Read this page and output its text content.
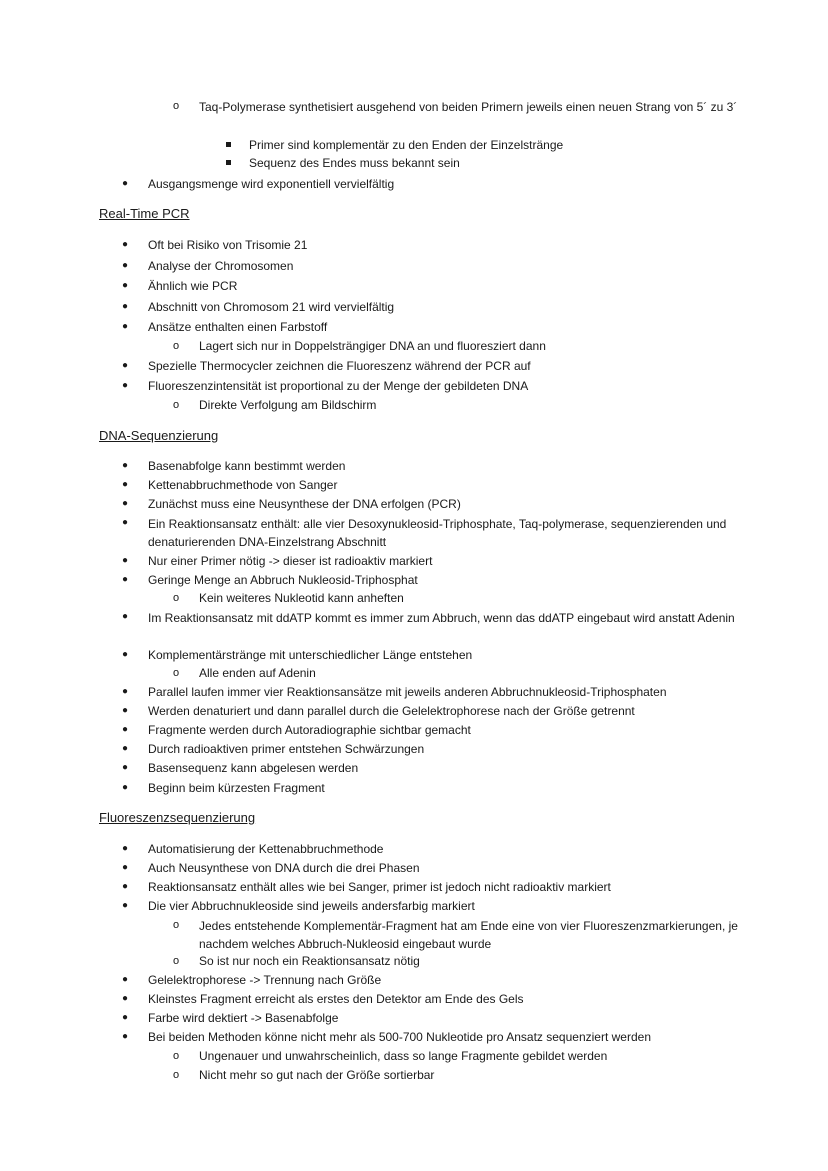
o Taq-Polymerase synthetisiert ausgehend von beiden Primern jeweils einen neuen Strang von 5´ zu 3´
Primer sind komplementär zu den Enden der Einzelstränge
Sequenz des Endes muss bekannt sein
● Ausgangsmenge wird exponentiell vervielfältig
Real-Time PCR
● Oft bei Risiko von Trisomie 21
● Analyse der Chromosomen
● Ähnlich wie PCR
● Abschnitt von Chromosom 21 wird vervielfältig
● Ansätze enthalten einen Farbstoff
o Lagert sich nur in Doppelsträngiger DNA an und fluoresziert dann
● Spezielle Thermocycler zeichnen die Fluoreszenz während der PCR auf
● Fluoreszenzintensität ist proportional zu der Menge der gebildeten DNA
o Direkte Verfolgung am Bildschirm
DNA-Sequenzierung
● Basenabfolge kann bestimmt werden
● Kettenabbruchmethode von Sanger
● Zunächst muss eine Neusynthese der DNA erfolgen (PCR)
● Ein Reaktionsansatz enthält: alle vier Desoxynukleosid-Triphosphate, Taq-polymerase, sequenzierenden und denaturierenden DNA-Einzelstrang Abschnitt
● Nur einer Primer nötig -> dieser ist radioaktiv markiert
● Geringe Menge an Abbruch Nukleosid-Triphosphat
o Kein weiteres Nukleotid kann anheften
● Im Reaktionsansatz mit ddATP kommt es immer zum Abbruch, wenn das ddATP eingebaut wird anstatt Adenin
● Komplementärstränge mit unterschiedlicher Länge entstehen
o Alle enden auf Adenin
● Parallel laufen immer vier Reaktionsansätze mit jeweils anderen Abbruchnukleosid-Triphosphaten
● Werden denaturiert und dann parallel durch die Gelelektrophorese nach der Größe getrennt
● Fragmente werden durch Autoradiographie sichtbar gemacht
● Durch radioaktiven primer entstehen Schwärzungen
● Basensequenz kann abgelesen werden
● Beginn beim kürzesten Fragment
Fluoreszenzsequenzierung
● Automatisierung der Kettenabbruchmethode
● Auch Neusynthese von DNA durch die drei Phasen
● Reaktionsansatz enthält alles wie bei Sanger, primer ist jedoch nicht radioaktiv markiert
● Die vier Abbruchnukleoside sind jeweils andersfarbig markiert
o Jedes entstehende Komplementär-Fragment hat am Ende eine von vier Fluoreszenzmarkierungen, je nachdem welches Abbruch-Nukleosid eingebaut wurde
o So ist nur noch ein Reaktionsansatz nötig
● Gelelektrophorese -> Trennung nach Größe
● Kleinstes Fragment erreicht als erstes den Detektor am Ende des Gels
● Farbe wird dektiert -> Basenabfolge
● Bei beiden Methoden könne nicht mehr als 500-700 Nukleotide pro Ansatz sequenziert werden
o Ungenauer und unwahrscheinlich, dass so lange Fragmente gebildet werden
o Nicht mehr so gut nach der Größe sortierbar
